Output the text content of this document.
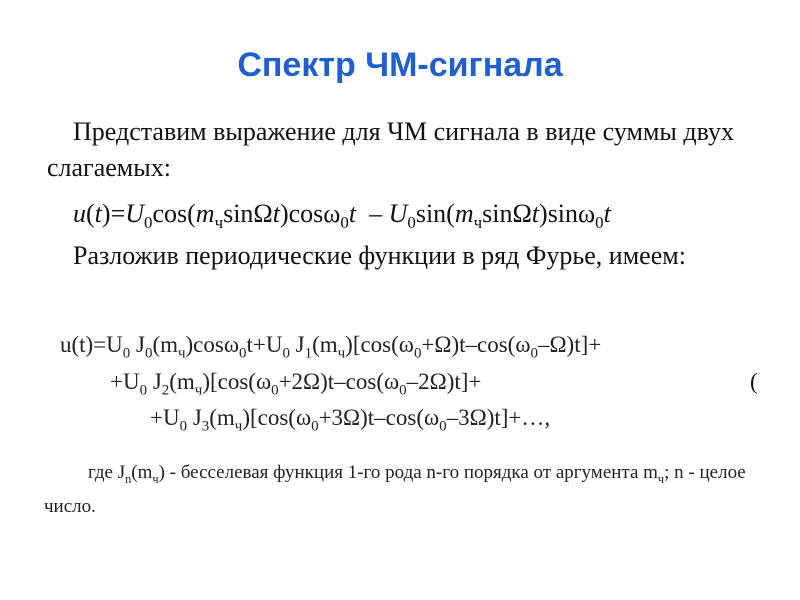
Спектр ЧМ-сигнала
Представим выражение для ЧМ сигнала в виде суммы двух слагаемых:
$u(t)=U_0\cos(m_ч\sin\Omega t)\cos\omega_0t - U_0\sin(m_ч\sin\Omega t)\sin\omega_0t$
Разложив периодические функции в ряд Фурье, имеем:
$u(t)=U_0$ $J_0(m_ч)\cos\omega_0t+U_0$ $J_1(m_ч)[\cos(\omega_0+\Omega)t-\cos(\omega_0-\Omega)t]+$
$+U_0$ $J_2(m_ч)[\cos(\omega_0+2\Omega)t-\cos(\omega_0-2\Omega)t]+$	(
$+U_0$ $J_3(m_ч)[\cos(\omega_0+3\Omega)t-\cos(\omega_0-3\Omega)t]+\dots$,
где $J_n(m_ч)$ - бесселевая функция 1-го рода n-го порядка от аргумента $m_ч$; n - целое число.
